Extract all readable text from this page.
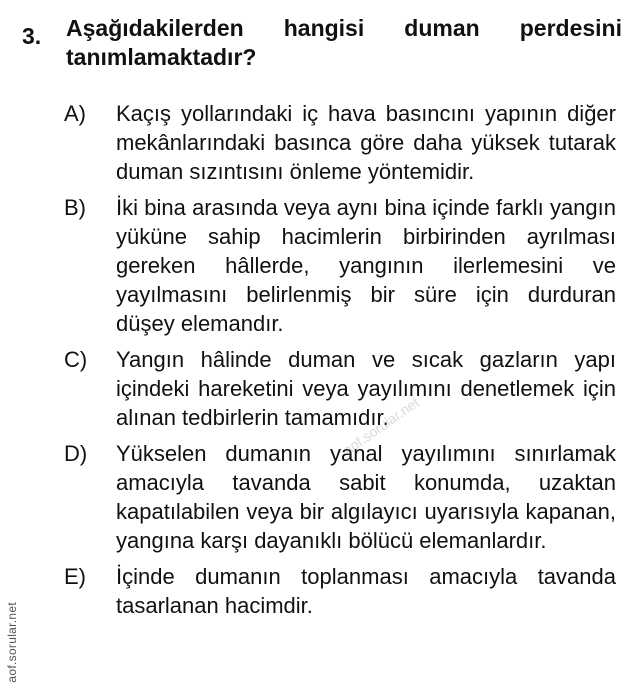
3.	Aşağıdakilerden hangisi duman perdesini tanımlamaktadır?
A)	Kaçış yollarındaki iç hava basıncını yapının diğer mekânlarındaki basınca göre daha yüksek tutarak duman sızıntısını önleme yöntemidir.
B)	İki bina arasında veya aynı bina içinde farklı yangın yüküne sahip hacimlerin birbirinden ayrılması gereken hâllerde, yangının ilerlemesini ve yayılmasını belirlenmiş bir süre için durduran düşey elemandır.
C)	Yangın hâlinde duman ve sıcak gazların yapı içindeki hareketini veya yayılımını denetlemek için alınan tedbirlerin tamamıdır.
D)	Yükselen dumanın yanal yayılımını sınırlamak amacıyla tavanda sabit konumda, uzaktan kapatılabilen veya bir algılayıcı uyarısıyla kapanan, yangına karşı dayanıklı bölücü elemanlardır.
E)	İçinde dumanın toplanması amacıyla tavanda tasarlanan hacimdir.
aof.sorular.net
aof.sorular.net
